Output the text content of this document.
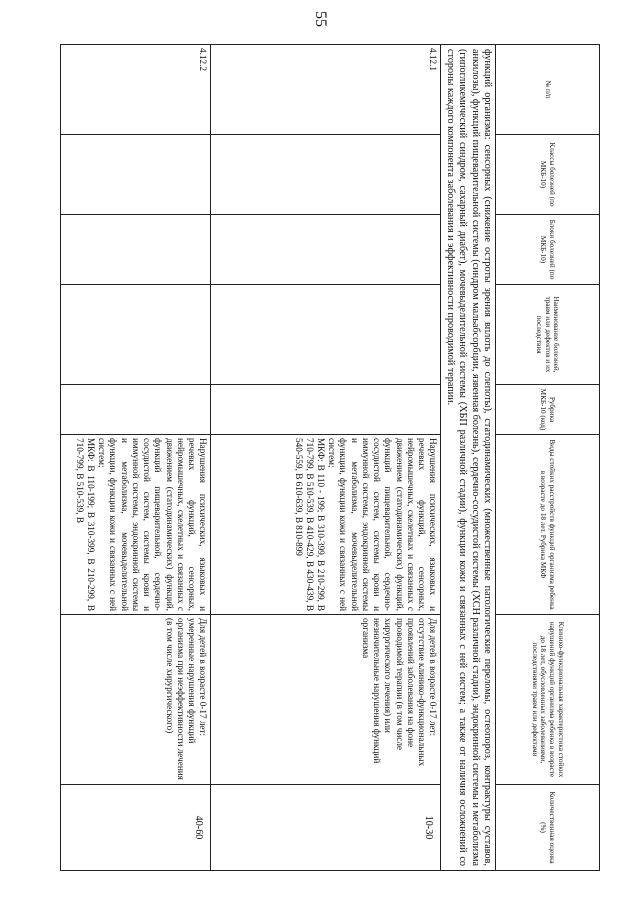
55
№ п/п	Классы болезней (по МКБ-10)	Блоки болезней (по МКБ-10)	Наименование болезней, травм или дефектов и их последствия	Рубрика МКБ-10 (код)	Виды стойких расстройств функций организма ребенка в возрасте до 18 лет. Рубрика МКФ	Клинико-функциональная характеристика стойких нарушений функций организма ребенка в возрасте до 18 лет, обусловленных заболеваниями, последствиями травм или дефектами	Количественная оценка (%)
функций организма: сенсорных (снижение остроты зрения вплоть до слепоты), статодинамических (множественные патологические переломы, остеопороз, контрактуры суставов, анкилозы), функций пищеварительной системы (синдром мальабсорбции, язвенная болезнь), сердечно-сосудистой системы (ХСН различной стадии), эндокринной системы и метаболизма (гипогликемический синдром, сахарный диабет), мочевыделительной системы (ХБП различной стадии), функции кожи и связанных с ней систем; а также от наличия осложнений со стороны каждого компонента заболевания и эффективности проводимой терапии.							
4.12.1					Нарушения психических, языковых и речевых функций, сенсорных, нейромышечных, скелетных и связанных с движением (статодинамических) функций, функций пищеварительной, сердечно-сосудистой систем, системы крови и иммунной системы, эндокринной системы и метаболизма, мочевыделительной функции, функции кожи и связанных с ней систем;
МКФ: В 110 - 199; В 310-399, В 210-299, В 710-799, В 510-539, В 410-429, В 430-439, В 540-559, В 610-639, В 810-899	Для детей в возрасте 0-17 лет: отсутствие клинико-функциональных проявлений заболевания на фоне проводимой терапии (в том числе хирургического лечения) или незначительные нарушения функций организма	10-30
4.12.2					Нарушения психических, языковых и речевых функций, сенсорных, нейромышечных, скелетных и связанных с движением (статодинамических) функций, функций пищеварительной, сердечно-сосудистой систем, системы крови и иммунной системы, эндокринной системы и метаболизма, мочевыделительной функции, функции кожи и связанных с ней систем;
МКФ: В 110-199; В 310-399, В 210-299, В 710-799, В 510-539, В	Для детей в возрасте 0-17 лет: умеренные нарушения функций организма при неэффективности лечения (в том числе хирургического)	40-60
